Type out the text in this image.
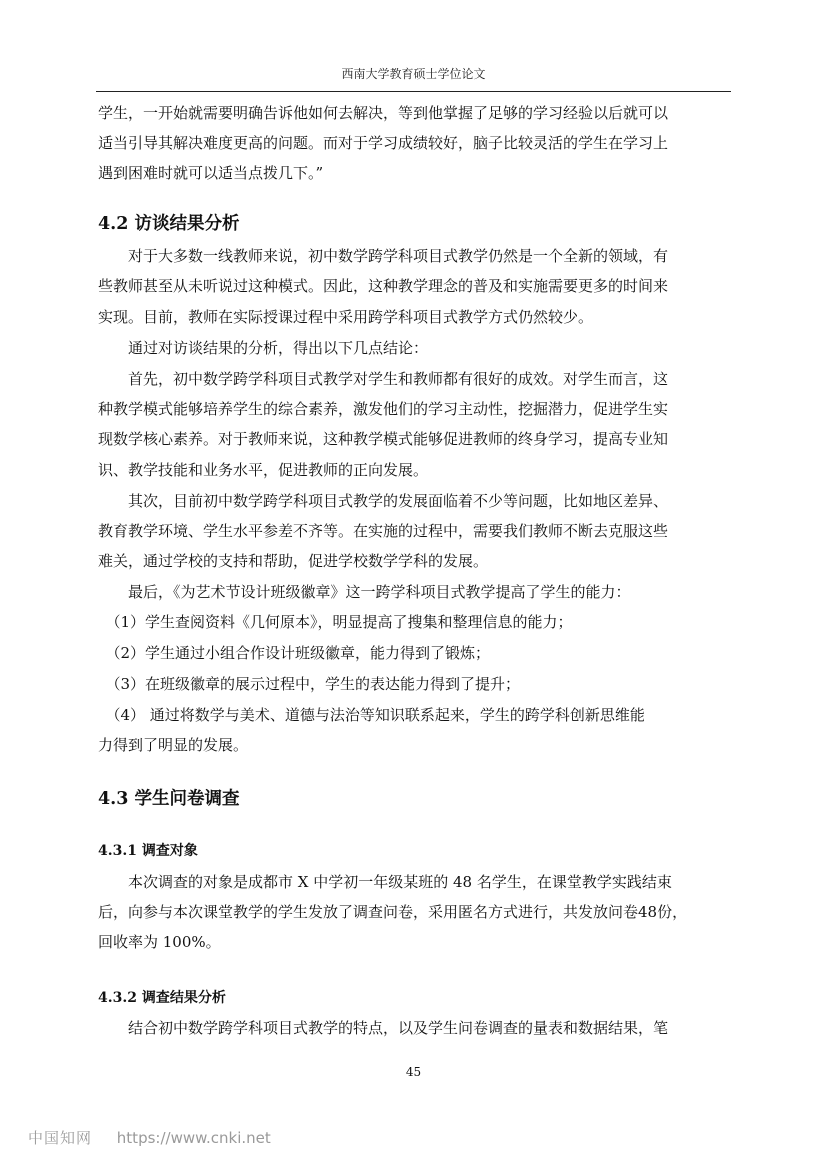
西南大学教育硕士学位论文
学生，一开始就需要明确告诉他如何去解决，等到他掌握了足够的学习经验以后就可以
适当引导其解决难度更高的问题。而对于学习成绩较好，脑子比较灵活的学生在学习上
遇到困难时就可以适当点拨几下。”
4.2 访谈结果分析
　　对于大多数一线教师来说，初中数学跨学科项目式教学仍然是一个全新的领域，有
些教师甚至从未听说过这种模式。因此，这种教学理念的普及和实施需要更多的时间来
实现。目前，教师在实际授课过程中采用跨学科项目式教学方式仍然较少。
　　通过对访谈结果的分析，得出以下几点结论：
　　首先，初中数学跨学科项目式教学对学生和教师都有很好的成效。对学生而言，这
种教学模式能够培养学生的综合素养，激发他们的学习主动性，挖掘潜力，促进学生实
现数学核心素养。对于教师来说，这种教学模式能够促进教师的终身学习，提高专业知
识、教学技能和业务水平，促进教师的正向发展。
　　其次，目前初中数学跨学科项目式教学的发展面临着不少等问题，比如地区差异、
教育教学环境、学生水平参差不齐等。在实施的过程中，需要我们教师不断去克服这些
难关，通过学校的支持和帮助，促进学校数学学科的发展。
　　最后，《为艺术节设计班级徽章》这一跨学科项目式教学提高了学生的能力：
　（1）学生查阅资料《几何原本》，明显提高了搜集和整理信息的能力；
　（2）学生通过小组合作设计班级徽章，能力得到了锻炼；
　（3）在班级徽章的展示过程中，学生的表达能力得到了提升；
　（4） 通过将数学与美术、道德与法治等知识联系起来，学生的跨学科创新思维能
力得到了明显的发展。
4.3 学生问卷调查
4.3.1 调查对象
　　本次调查的对象是成都市 X 中学初一年级某班的 48 名学生，在课堂教学实践结束
后，向参与本次课堂教学的学生发放了调查问卷，采用匿名方式进行，共发放问卷48份，
回收率为 100%。
4.3.2 调查结果分析
　　结合初中数学跨学科项目式教学的特点，以及学生问卷调查的量表和数据结果，笔
45
中国知网 https://www.cnki.net
